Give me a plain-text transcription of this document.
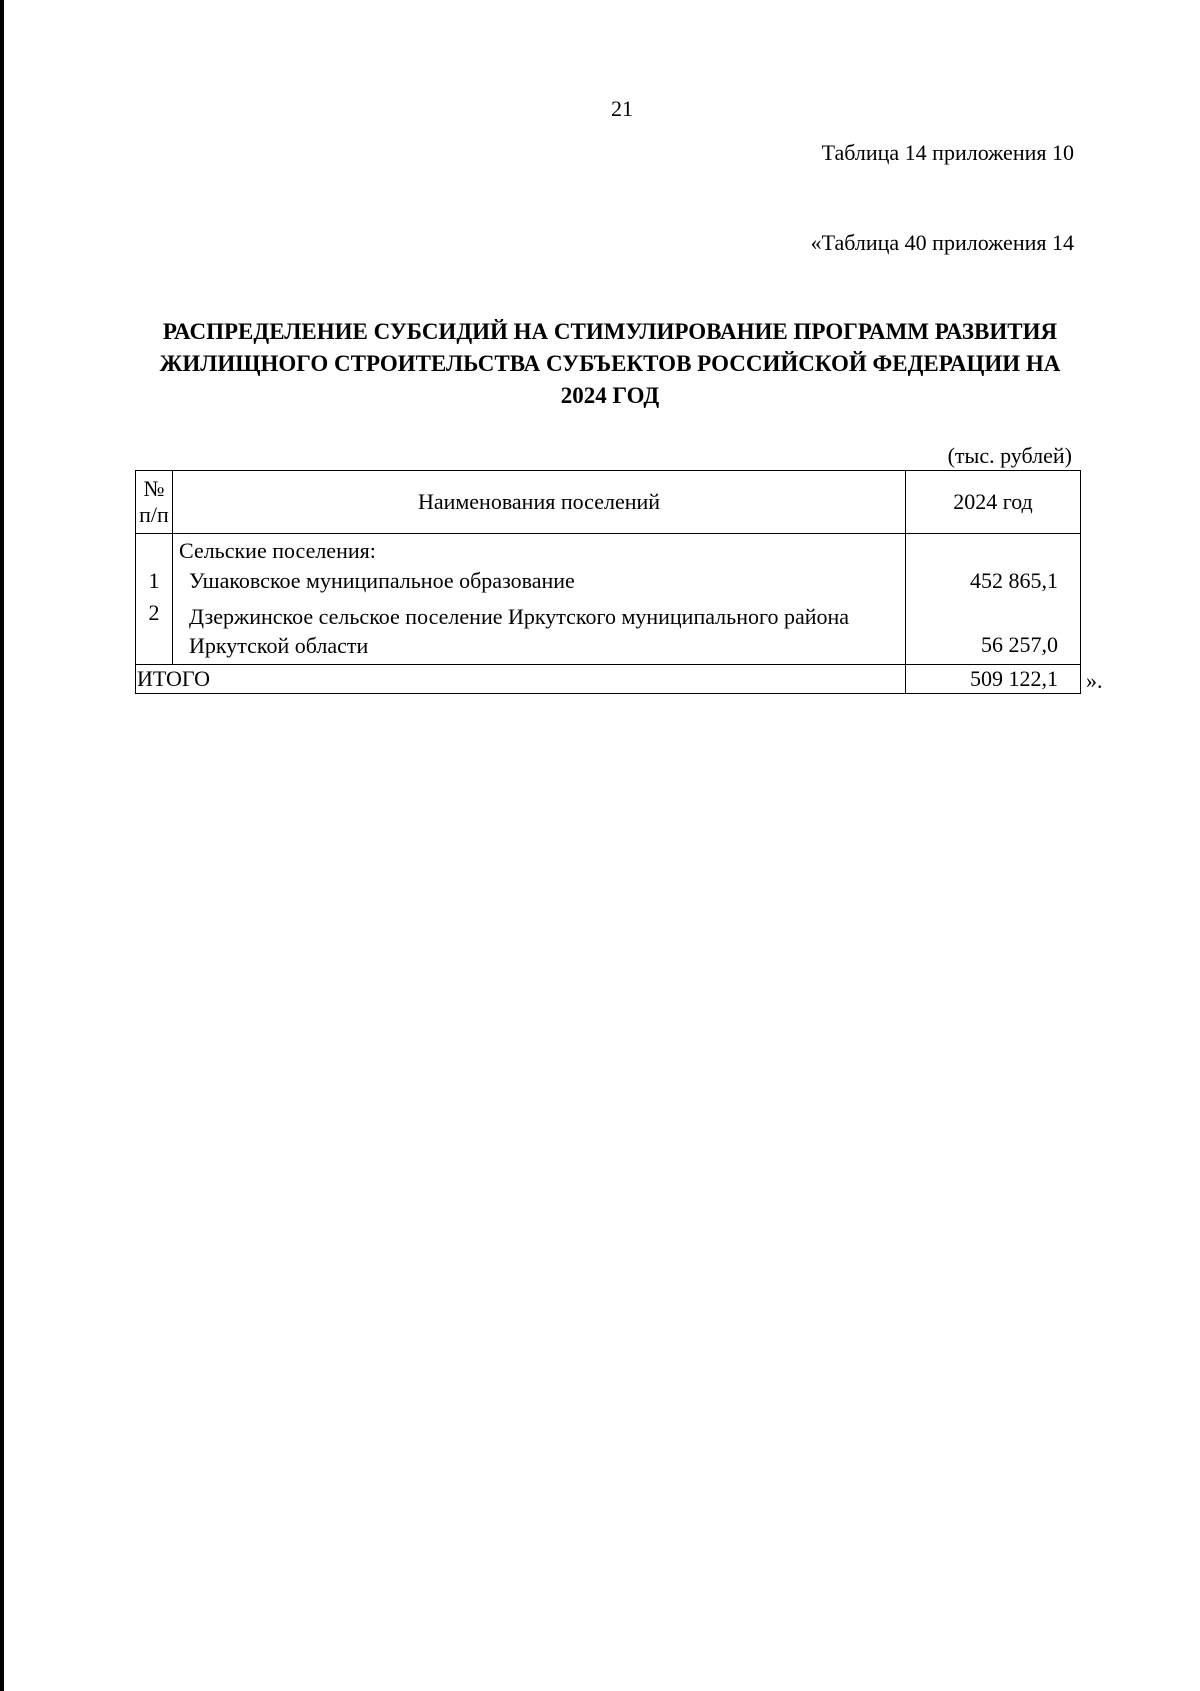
21
Таблица 14 приложения 10
«Таблица 40 приложения 14
РАСПРЕДЕЛЕНИЕ СУБСИДИЙ НА СТИМУЛИРОВАНИЕ ПРОГРАММ РАЗВИТИЯ ЖИЛИЩНОГО СТРОИТЕЛЬСТВА СУБЪЕКТОВ РОССИЙСКОЙ ФЕДЕРАЦИИ НА 2024 ГОД
(тыс. рублей)
№
п/п	Наименования поселений	2024 год
	Сельские поселения:	
1	Ушаковское муниципальное образование	452 865,1
2	Дзержинское сельское поселение Иркутского муниципального района Иркутской области	56 257,0
ИТОГО		509 122,1 ».
